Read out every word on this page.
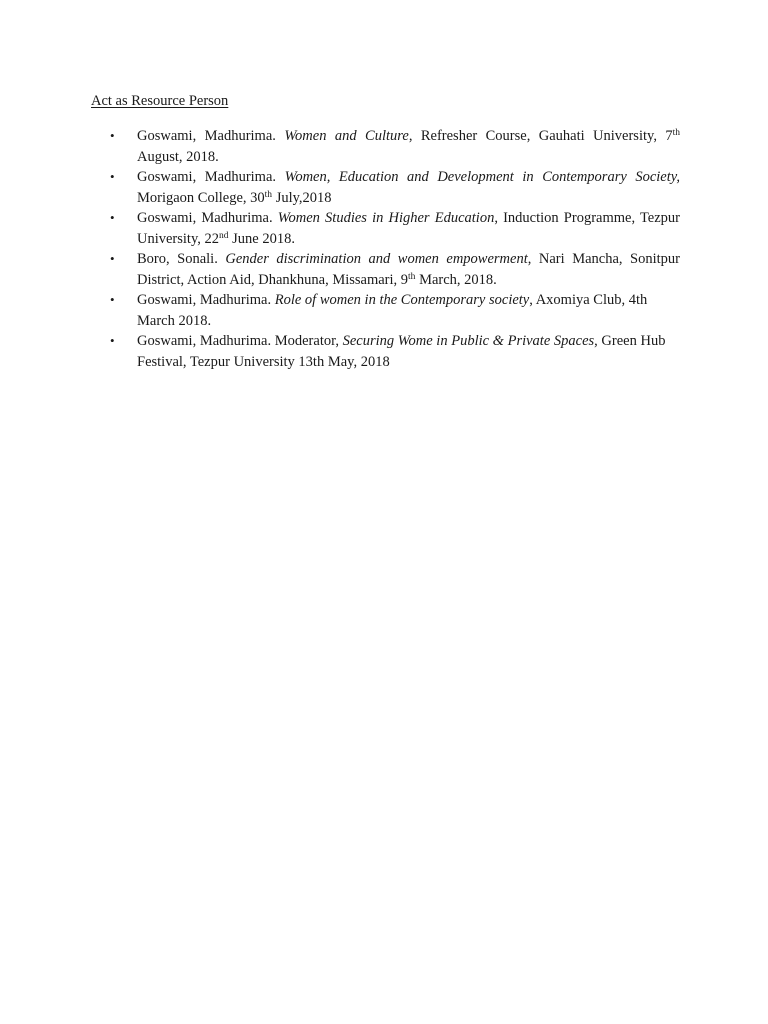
Act as Resource Person
• Goswami, Madhurima. Women and Culture, Refresher Course, Gauhati University, 7th August, 2018.
• Goswami, Madhurima. Women, Education and Development in Contemporary Society, Morigaon College, 30th July,2018
• Goswami, Madhurima. Women Studies in Higher Education, Induction Programme, Tezpur University, 22nd June 2018.
• Boro, Sonali. Gender discrimination and women empowerment, Nari Mancha, Sonitpur District, Action Aid, Dhankhuna, Missamari, 9th March, 2018.
• Goswami, Madhurima. Role of women in the Contemporary society, Axomiya Club, 4th March 2018.
• Goswami, Madhurima. Moderator, Securing Wome in Public & Private Spaces, Green Hub Festival, Tezpur University 13th May, 2018
